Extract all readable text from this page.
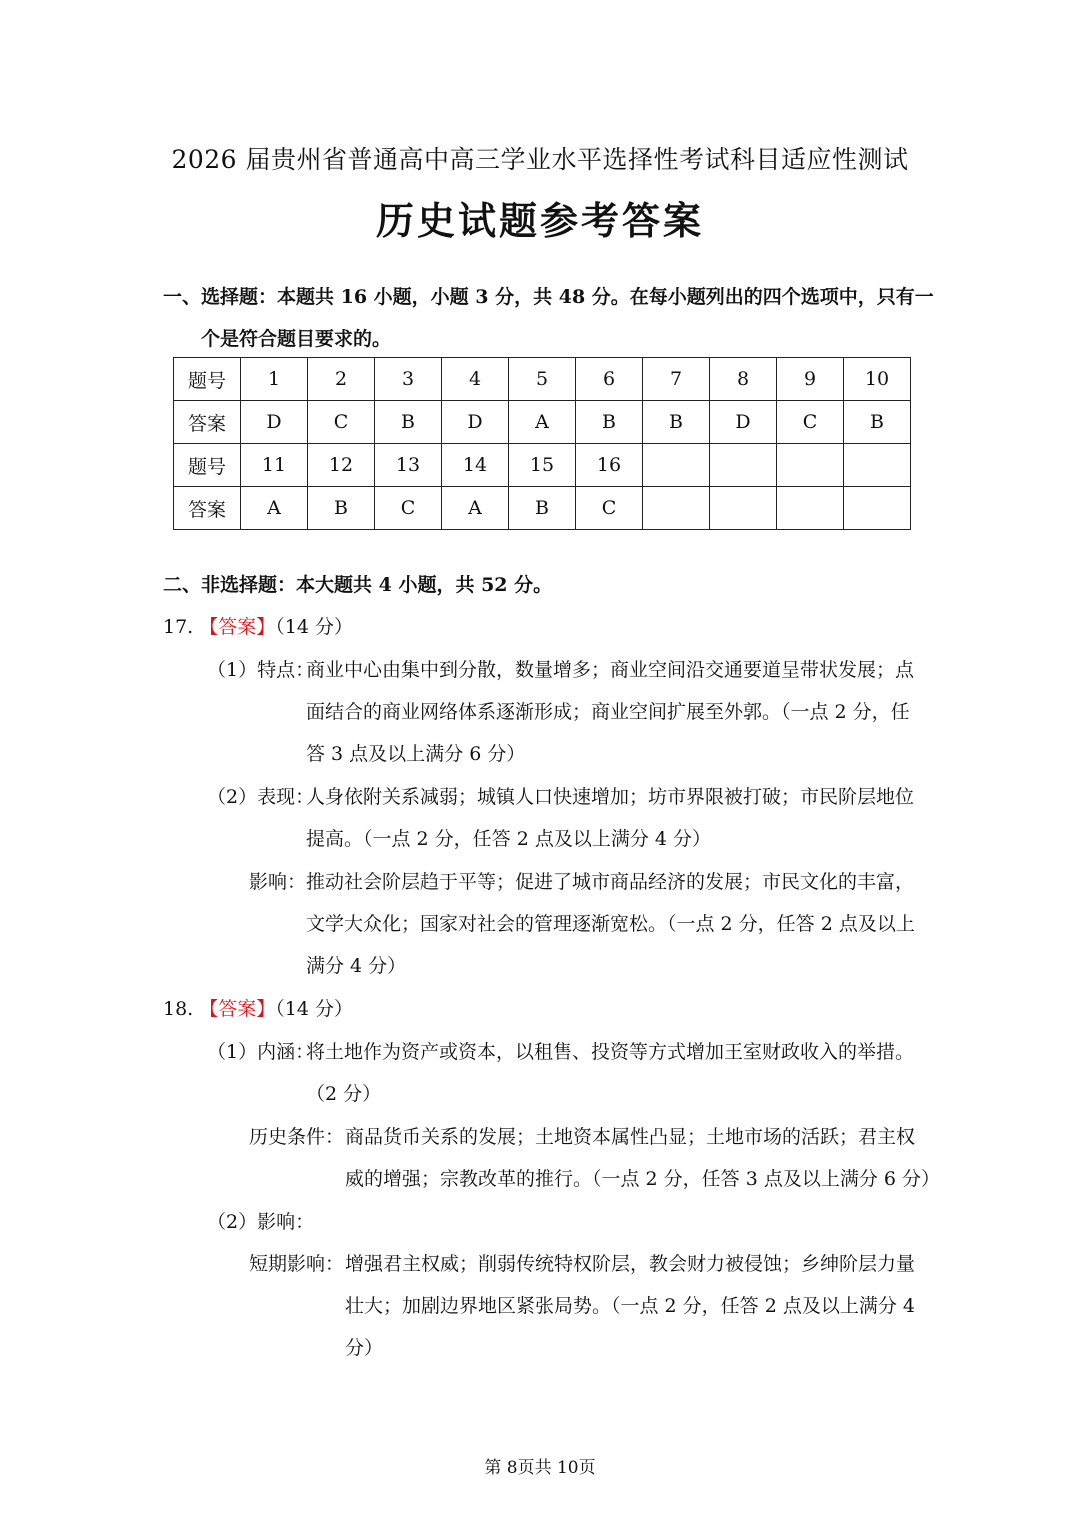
2026 届贵州省普通高中高三学业水平选择性考试科目适应性测试
历史试题参考答案
一、选择题：本题共 16 小题，小题 3 分，共 48 分。在每小题列出的四个选项中，只有一
个是符合题目要求的。
题号	1	2	3	4	5	6	7	8	9	10
答案	D	C	B	D	A	B	B	D	C	B
题号	11	12	13	14	15	16				
答案	A	B	C	A	B	C				
二、非选择题：本大题共 4 小题，共 52 分。
17. 【答案】（14 分）
（1）特点：
商业中心由集中到分散，数量增多；商业空间沿交通要道呈带状发展；点
面结合的商业网络体系逐渐形成；商业空间扩展至外郭。（一点 2 分，任
答 3 点及以上满分 6 分）
（2）表现：
人身依附关系减弱；城镇人口快速增加；坊市界限被打破；市民阶层地位
提高。（一点 2 分，任答 2 点及以上满分 4 分）
影响： 推动社会阶层趋于平等；促进了城市商品经济的发展；市民文化的丰富，
文学大众化；国家对社会的管理逐渐宽松。（一点 2 分，任答 2 点及以上
满分 4 分）
18. 【答案】（14 分）
（1）内涵：
将土地作为资产或资本，以租售、投资等方式增加王室财政收入的举措。
（2 分）
历史条件： 商品货币关系的发展；土地资本属性凸显；土地市场的活跃；君主权
威的增强；宗教改革的推行。（一点 2 分，任答 3 点及以上满分 6 分）
（2）影响：
短期影响： 增强君主权威；削弱传统特权阶层，教会财力被侵蚀；乡绅阶层力量
壮大；加剧边界地区紧张局势。（一点 2 分，任答 2 点及以上满分 4
分）
第 8页共 10页
